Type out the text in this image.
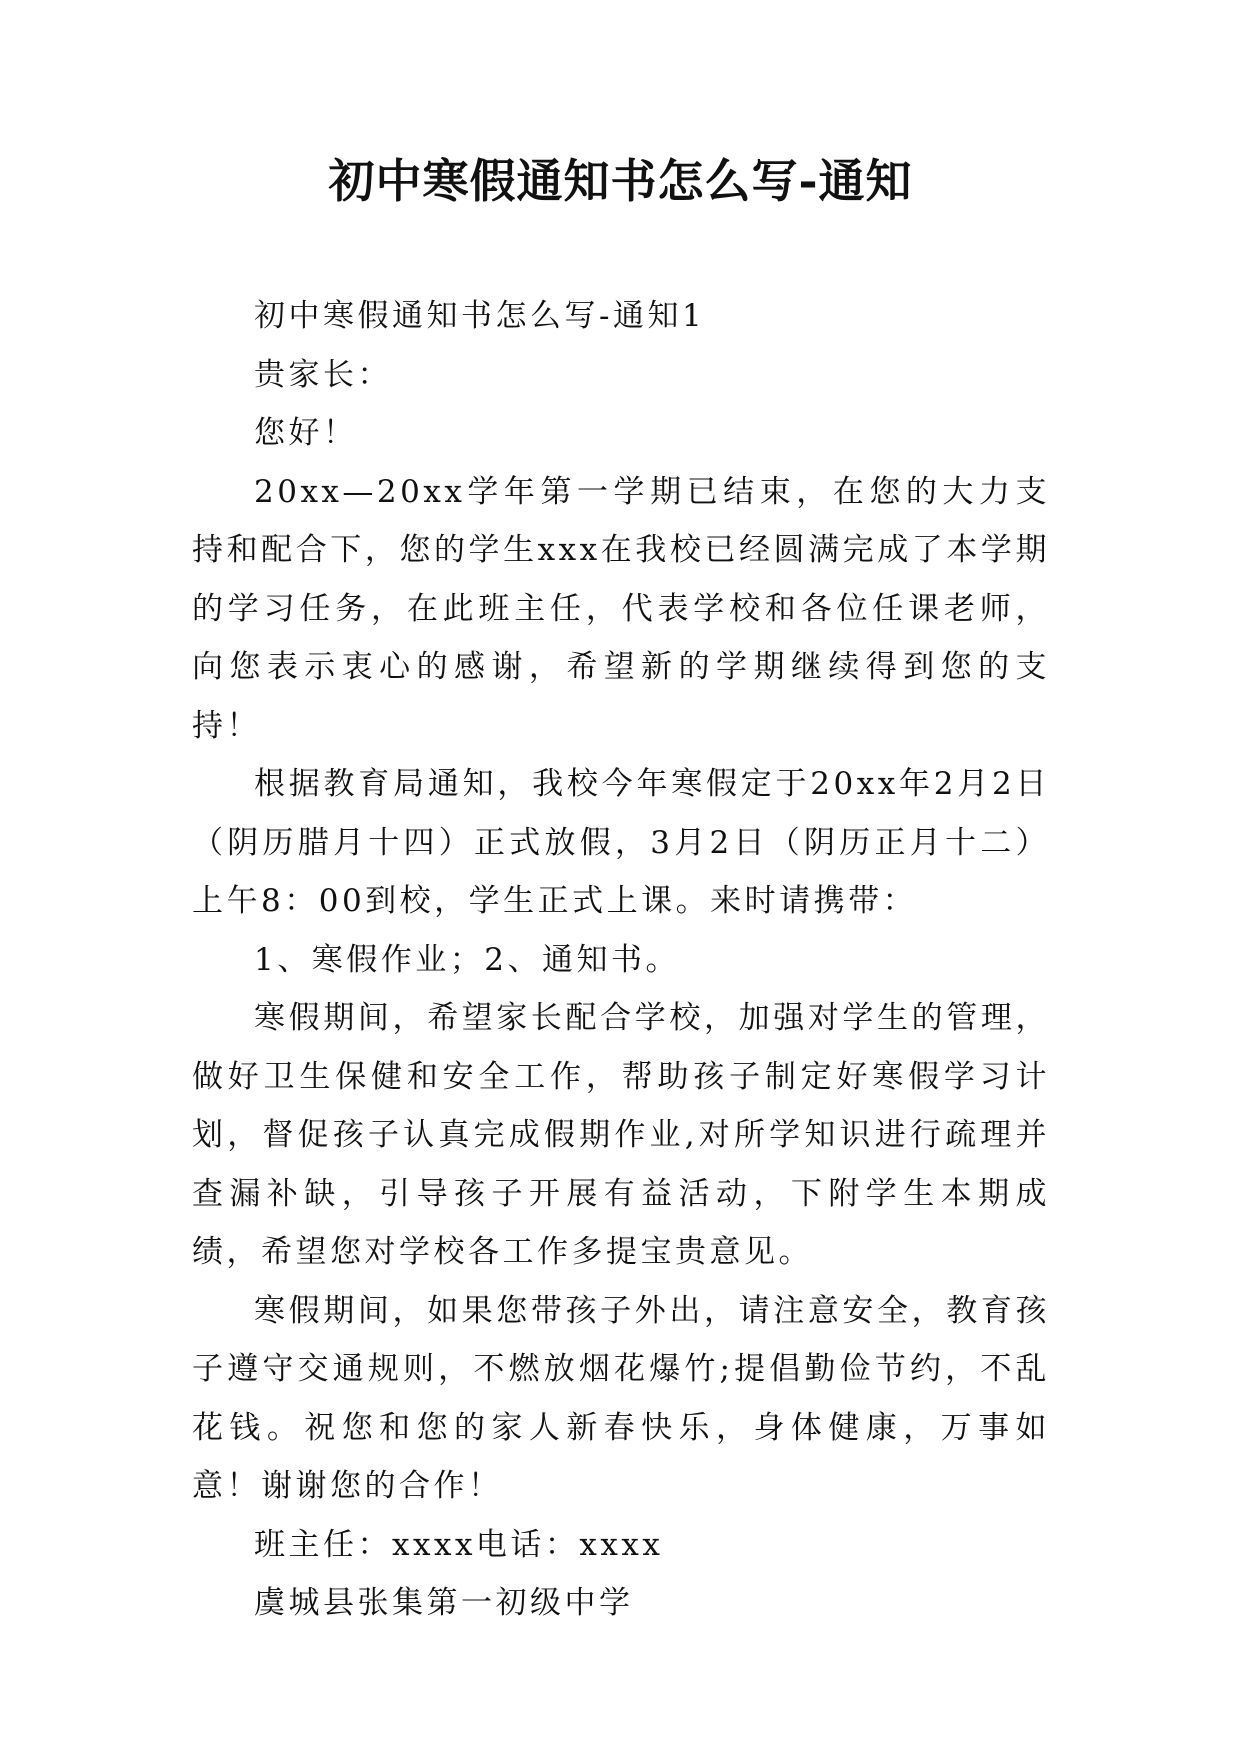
初中寒假通知书怎么写-通知

初中寒假通知书怎么写-通知1

贵家长：

您好！

20xx—20xx学年第一学期已结束，在您的大力支持和配合下，您的学生xxx在我校已经圆满完成了本学期的学习任务，在此班主任，代表学校和各位任课老师，向您表示衷心的感谢，希望新的学期继续得到您的支持！

根据教育局通知，我校今年寒假定于20xx年2月2日（阴历腊月十四）正式放假，3月2日（阴历正月十二）上午8：00到校，学生正式上课。来时请携带：

1、寒假作业；2、通知书。

寒假期间，希望家长配合学校，加强对学生的管理，做好卫生保健和安全工作，帮助孩子制定好寒假学习计划，督促孩子认真完成假期作业,对所学知识进行疏理并查漏补缺，引导孩子开展有益活动，下附学生本期成绩，希望您对学校各工作多提宝贵意见。

寒假期间，如果您带孩子外出，请注意安全，教育孩子遵守交通规则，不燃放烟花爆竹;提倡勤俭节约，不乱花钱。祝您和您的家人新春快乐，身体健康，万事如意！谢谢您的合作！

班主任：xxxx电话：xxxx

虞城县张集第一初级中学
